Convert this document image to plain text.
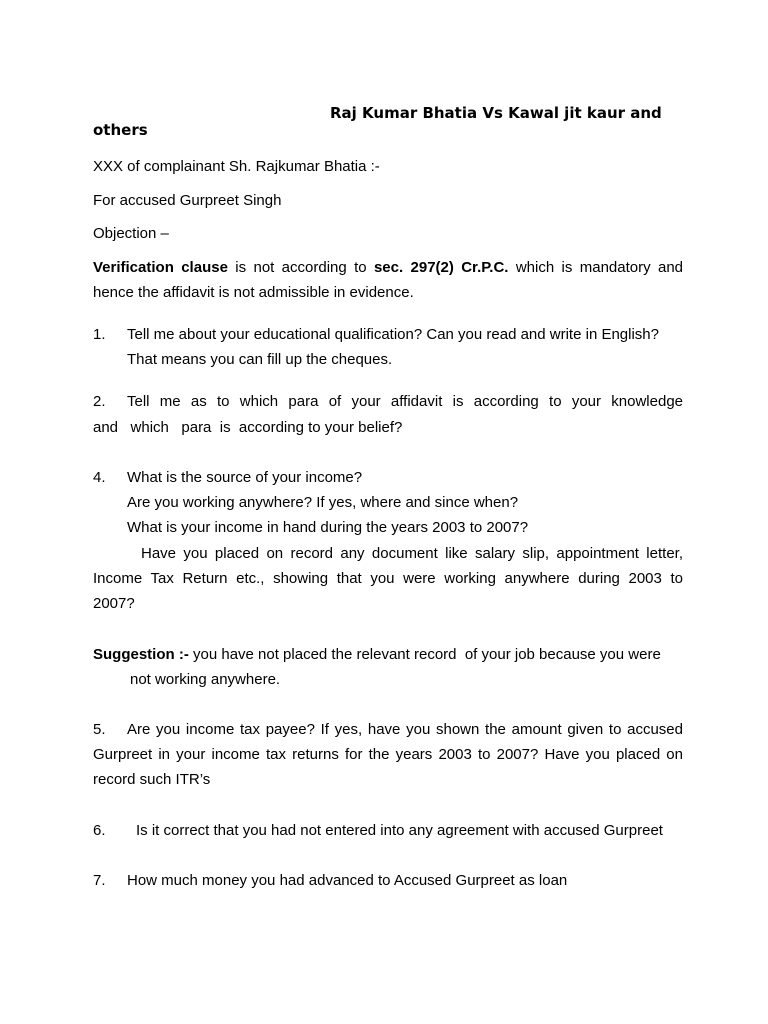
Raj Kumar Bhatia Vs Kawal jit kaur and
others
XXX of complainant Sh. Rajkumar Bhatia :-
For accused Gurpreet Singh
Objection –
Verification clause is not according to sec. 297(2) Cr.P.C. which is mandatory and
hence the affidavit is not admissible in evidence.
1. Tell me about your educational qualification? Can you read and write in English?
That means you can fill up the cheques.
2. Tell me as to which para of your affidavit is according to your knowledge
and   which   para  is  according to your belief?
4. What is the source of your income?
Are you working anywhere? If yes, where and since when?
What is your income in hand during the years 2003 to 2007?
Have you placed on record any document like salary slip, appointment letter,
Income Tax Return etc., showing that you were working anywhere during 2003 to
2007?
Suggestion :- you have not placed the relevant record  of your job because you were
not working anywhere.
5. Are you income tax payee? If yes, have you shown the amount given to accused
Gurpreet in your income tax returns for the years 2003 to 2007? Have you placed on
record such ITR’s
6. Is it correct that you had not entered into any agreement with accused Gurpreet
7. How much money you had advanced to Accused Gurpreet as loan
